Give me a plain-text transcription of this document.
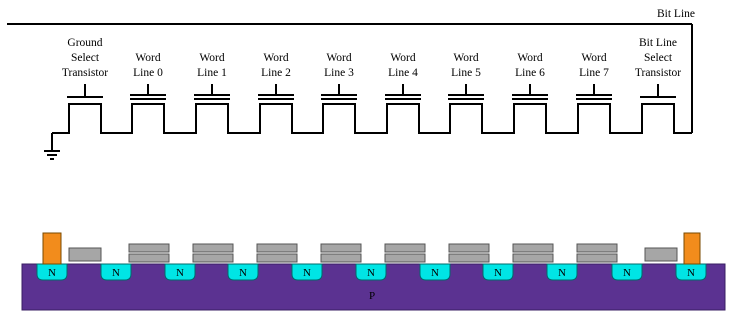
Bit Line
Ground
Select
Transistor
Word
Line 0
Word
Line 1
Word
Line 2
Word
Line 3
Word
Line 4
Word
Line 5
Word
Line 6
Word
Line 7
Bit Line
Select
Transistor
P
N	N	N	N	N	N	N	N	N	N	N
